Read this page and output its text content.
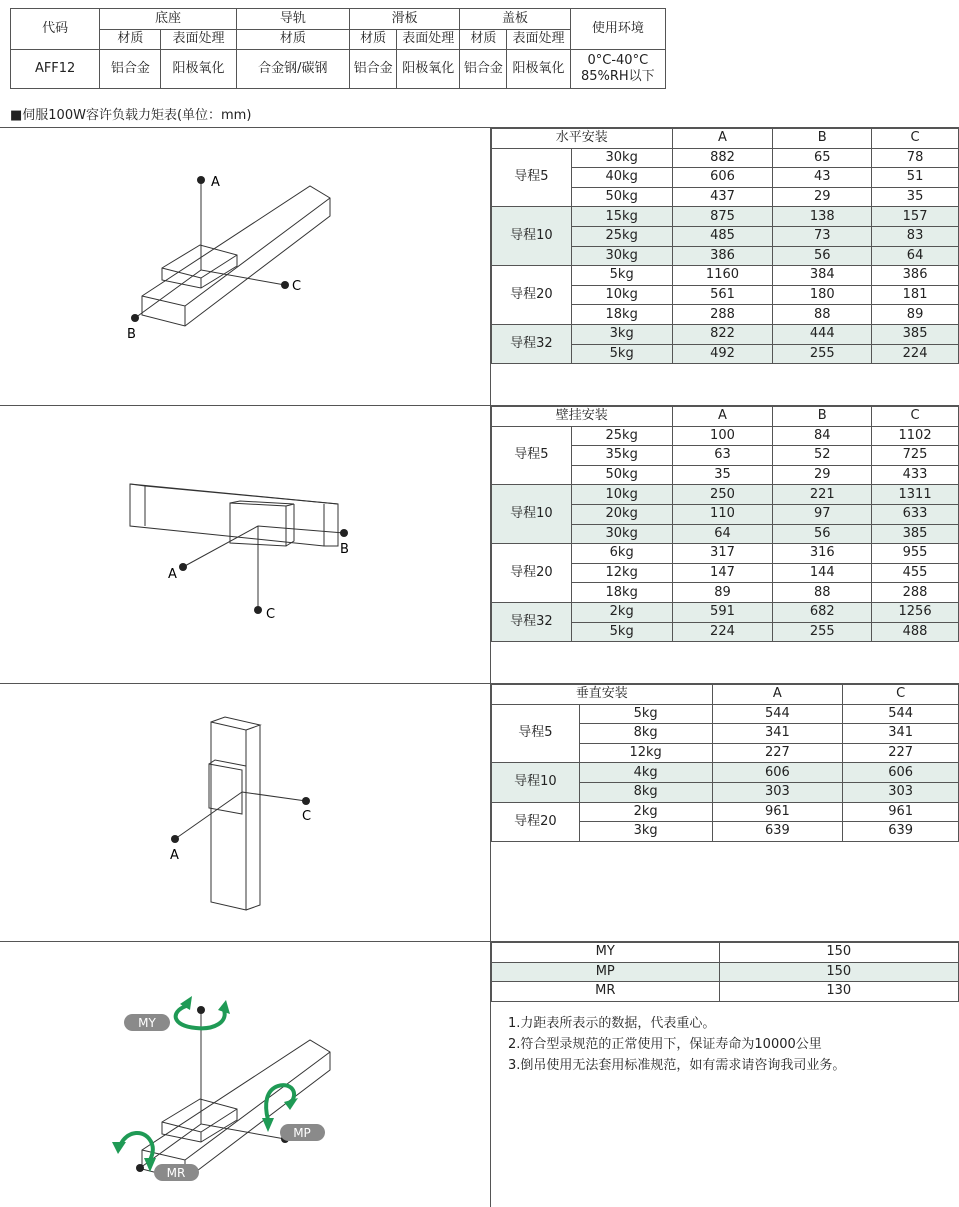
代码	底座		导轨	滑板		盖板		使用环境
	材质	表面处理	材质	材质	表面处理	材质	表面处理	
AFF12	铝合金	阳极氧化	合金钢/碳钢	铝合金	阳极氧化	铝合金	阳极氧化	0°C-40°C
85%RH以下
■伺服100W容许负载力矩表(单位：mm)
水平安装		A	B	C
导程5	30kg	882	65	78
	40kg	606	43	51
	50kg	437	29	35
导程10	15kg	875	138	157
	25kg	485	73	83
	30kg	386	56	64
导程20	5kg	1160	384	386
	10kg	561	180	181
	18kg	288	88	89
导程32	3kg	822	444	385
	5kg	492	255	224
壁挂安装		A	B	C
导程5	25kg	100	84	1102
	35kg	63	52	725
	50kg	35	29	433
导程10	10kg	250	221	1311
	20kg	110	97	633
	30kg	64	56	385
导程20	6kg	317	316	955
	12kg	147	144	455
	18kg	89	88	288
导程32	2kg	591	682	1256
	5kg	224	255	488
垂直安装		A	C
导程5	5kg	544	544
	8kg	341	341
	12kg	227	227
导程10	4kg	606	606
	8kg	303	303
导程20	2kg	961	961
	3kg	639	639
MY	150
MP	150
MR	130
1.力距表所表示的数据，代表重心。
2.符合型录规范的正常使用下，保证寿命为10000公里
3.倒吊使用无法套用标准规范，如有需求请咨询我司业务。
A
C
B
A
B
C
C
A
MY
MP
MR
